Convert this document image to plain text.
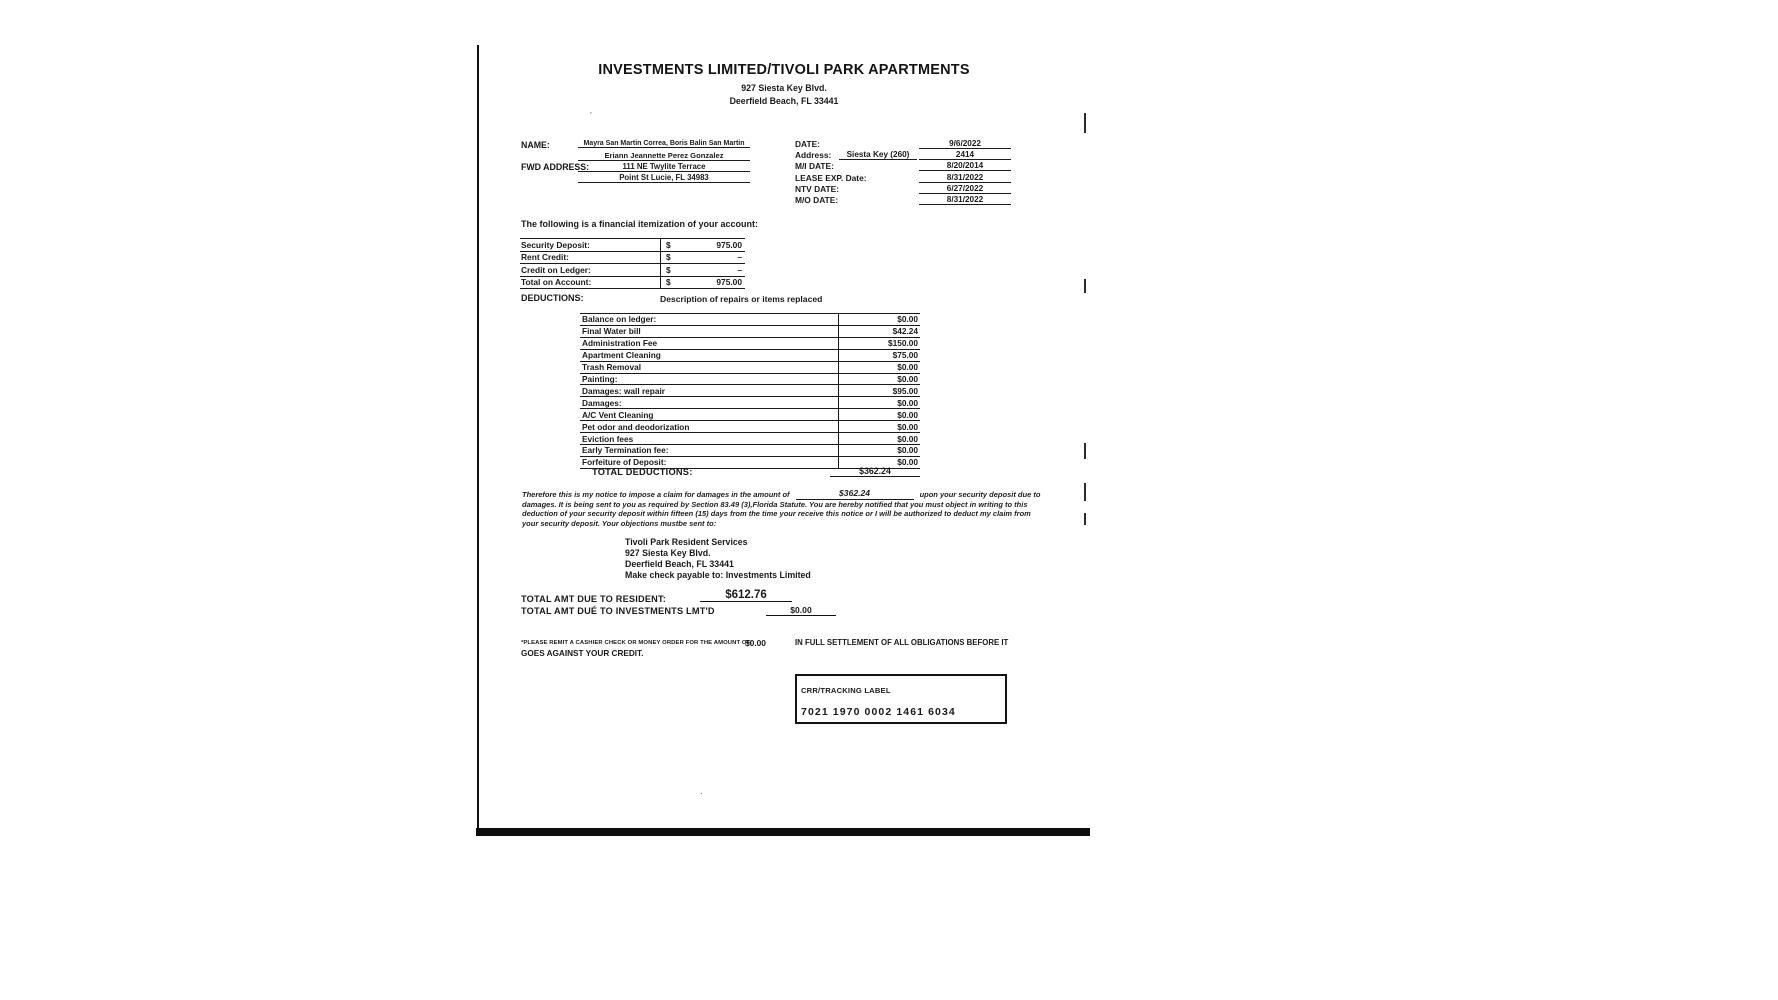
’
·
INVESTMENTS LIMITED/TIVOLI PARK APARTMENTS
927 Siesta Key Blvd.
Deerfield Beach, FL 33441
NAME:	Mayra San Martin Correa, Boris Balin San Martin
Eriann Jeannette Perez Gonzalez
FWD ADDRESS:	111 NE Twylite Terrace
Point St Lucie, FL 34983
DATE:	9/6/2022
Address:	Siesta Key (260)	2414
M/I DATE:	8/20/2014
LEASE EXP. Date:	8/31/2022
NTV DATE:	6/27/2022
M/O DATE:	8/31/2022
The following is a financial itemization of your account:
Security Deposit:	$	975.00
Rent Credit:	$	–
Credit on Ledger:	$	–
Total on Account:	$	975.00
DEDUCTIONS:	Description of repairs or items replaced
Balance on ledger:	$0.00
Final Water bill	$42.24
Administration Fee	$150.00
Apartment Cleaning	$75.00
Trash Removal	$0.00
Painting:	$0.00
Damages: wall repair	$95.00
Damages:	$0.00
A/C Vent Cleaning	$0.00
Pet odor and deodorization	$0.00
Eviction fees	$0.00
Early Termination fee:	$0.00
Forfeiture of Deposit:	$0.00
TOTAL DEDUCTIONS:	$362.24
Therefore this is my notice to impose a claim for damages in the amount of	$362.24	upon your security deposit due to
damages. It is being sent to you as required by Section 83.49 (3),Florida Statute. You are hereby notified that you must object in writing to this
deduction of your security deposit within fifteen (15) days from the time your receive this notice or I will be authorized to deduct my claim from
your security deposit. Your objections mustbe sent to:
Tivoli Park Resident Services
927 Siesta Key Blvd.
Deerfield Beach, FL 33441
Make check payable to: Investments Limited
TOTAL AMT DUE TO RESIDENT:	$612.76
TOTAL AMT DUÉ TO INVESTMENTS LMT'D	$0.00
*PLEASE REMIT A CASHIER CHECK OR MONEY ORDER FOR THE AMOUNT OF:
$0.00	IN FULL SETTLEMENT OF ALL OBLIGATIONS BEFORE IT
GOES AGAINST YOUR CREDIT.
CRR/TRACKING LABEL
7021 1970 0002 1461 6034
